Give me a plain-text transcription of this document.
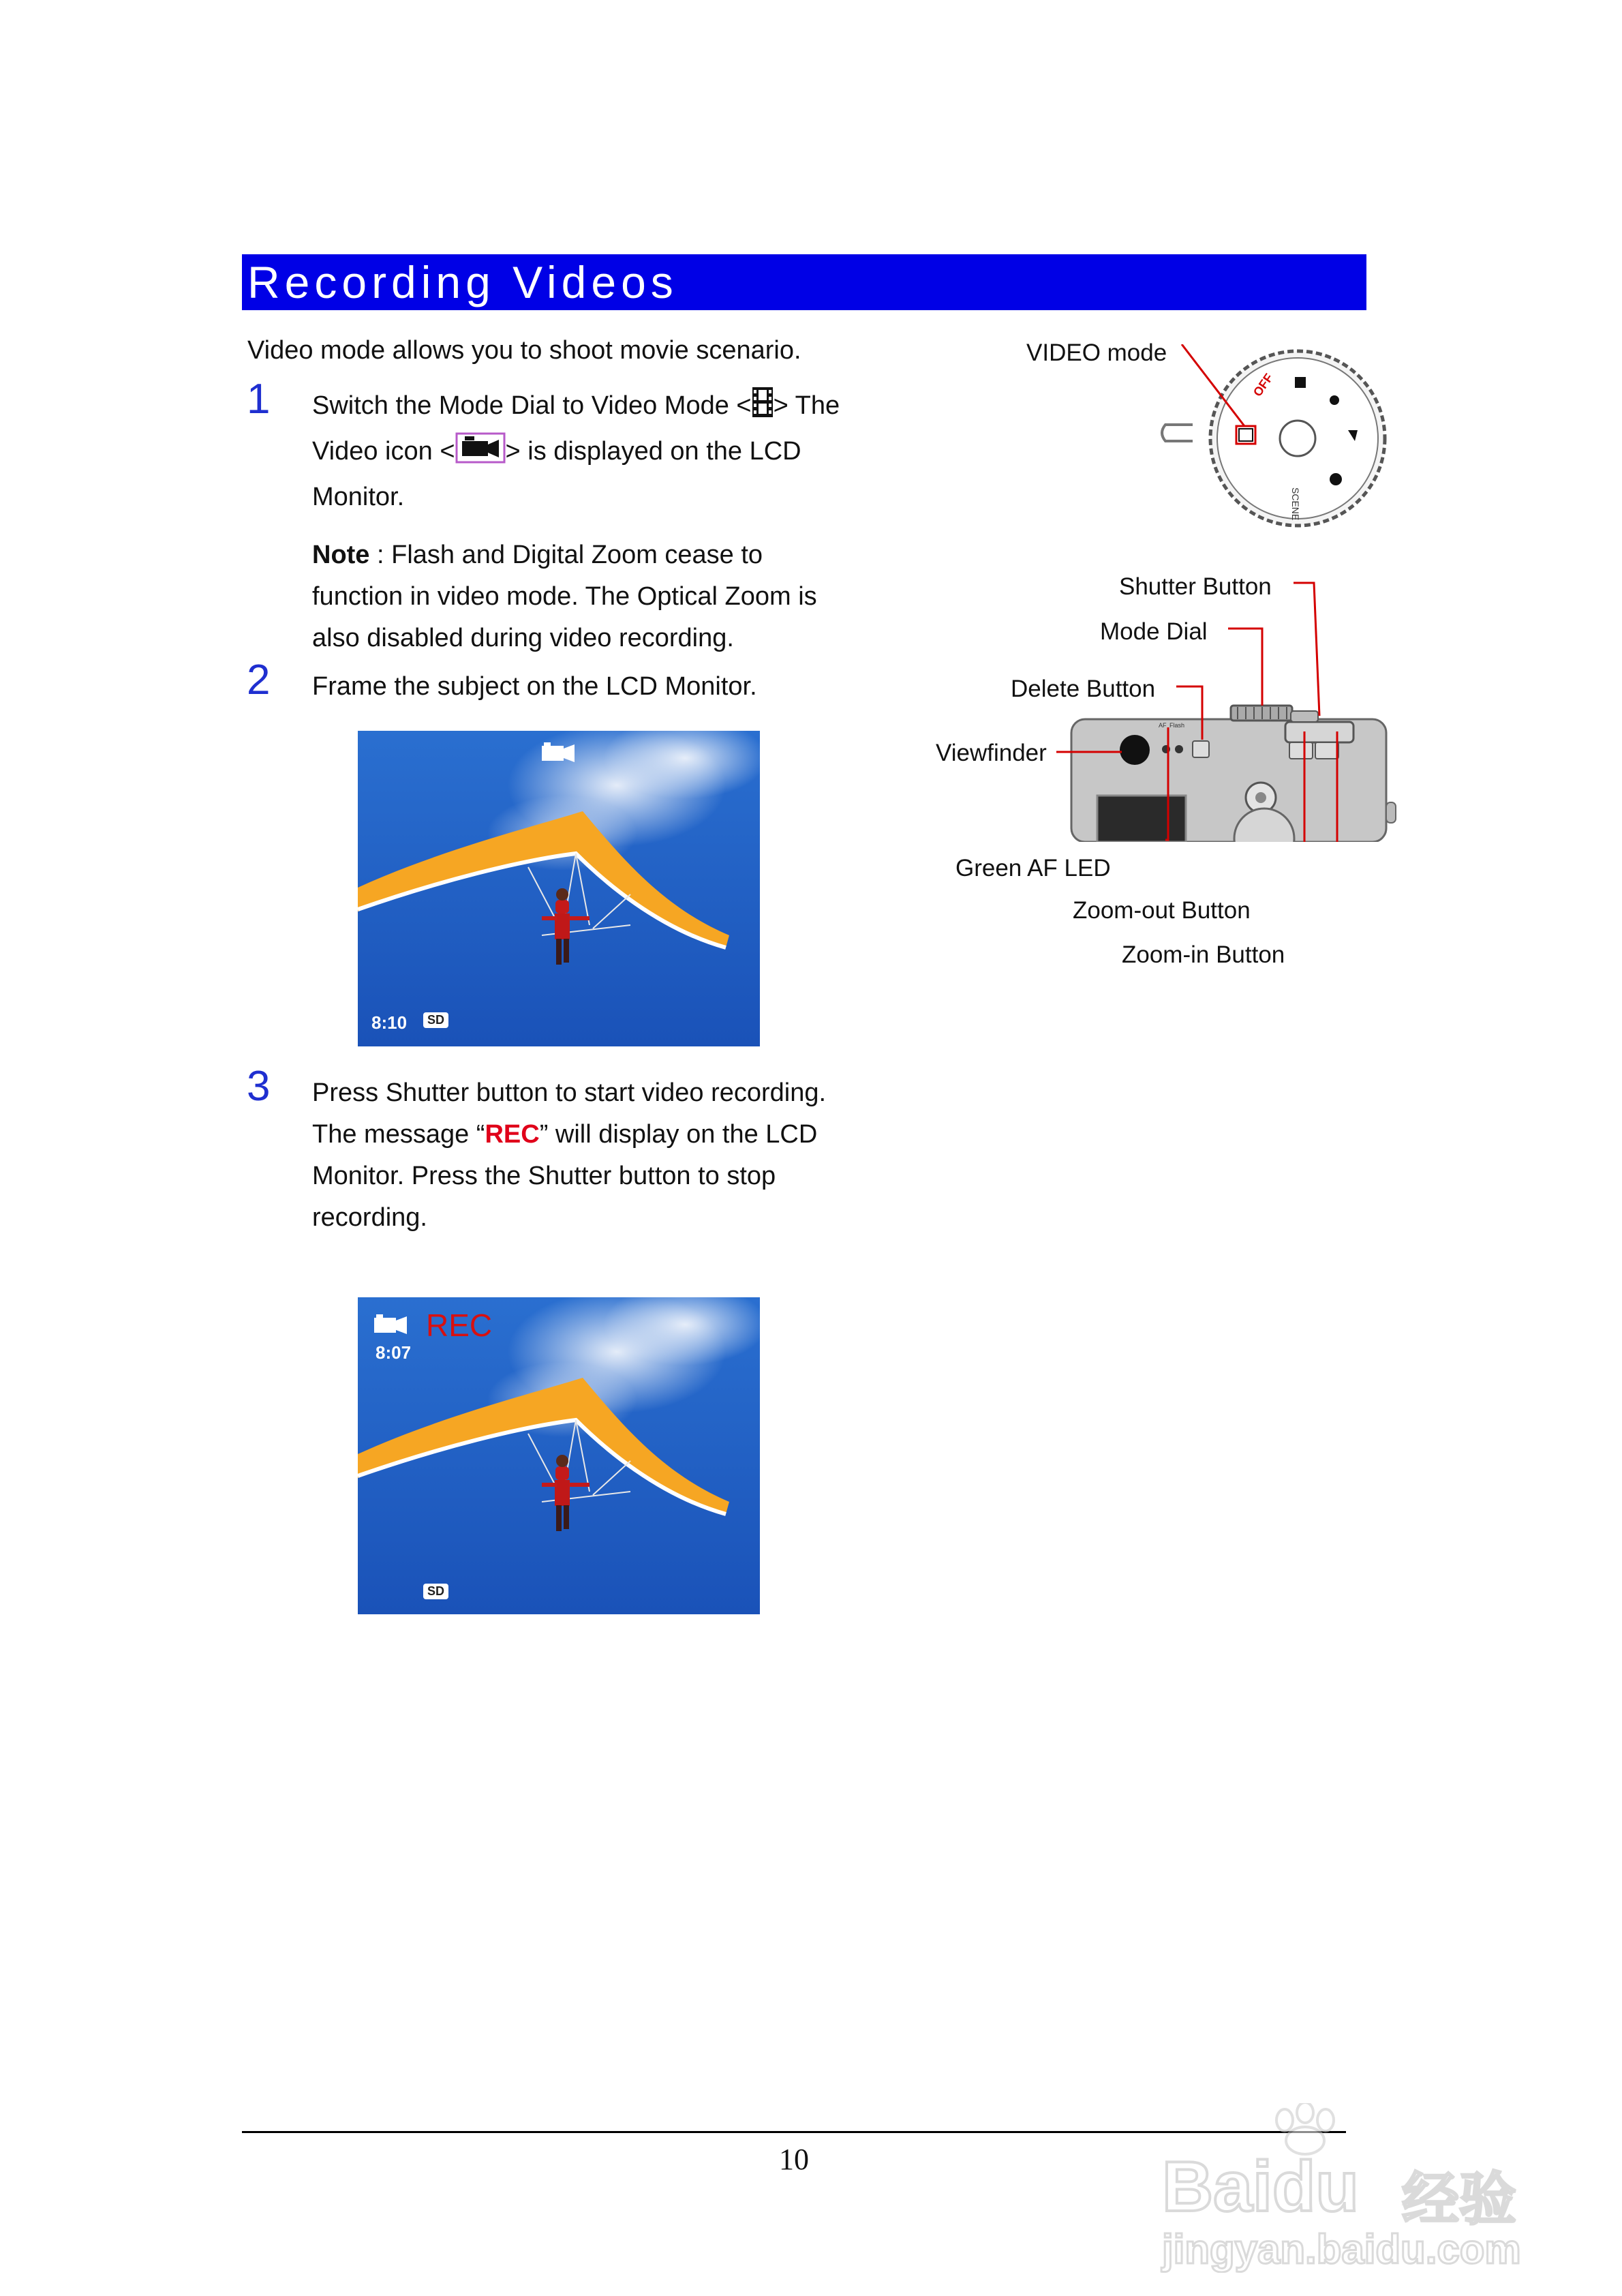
Recording Videos
Video mode allows you to shoot movie scenario.
1 Switch the Mode Dial to Video Mode < > The
Video icon < > is displayed on the LCD
Monitor.
Note : Flash and Digital Zoom cease to
function in video mode. The Optical Zoom is
also disabled during video recording.
2 Frame the subject on the LCD Monitor.
8:10	SD
3 Press Shutter button to start video recording.
The message “REC” will display on the LCD
Monitor. Press the Shutter button to stop
recording.
REC
8:07
SD
VIDEO mode
OFF
SCENE
AF Flash
Shutter Button
Mode Dial
Delete Button
Viewfinder
Green AF LED
Zoom-out Button
Zoom-in Button
10	Baidu 经验
jingyan.baidu.com
